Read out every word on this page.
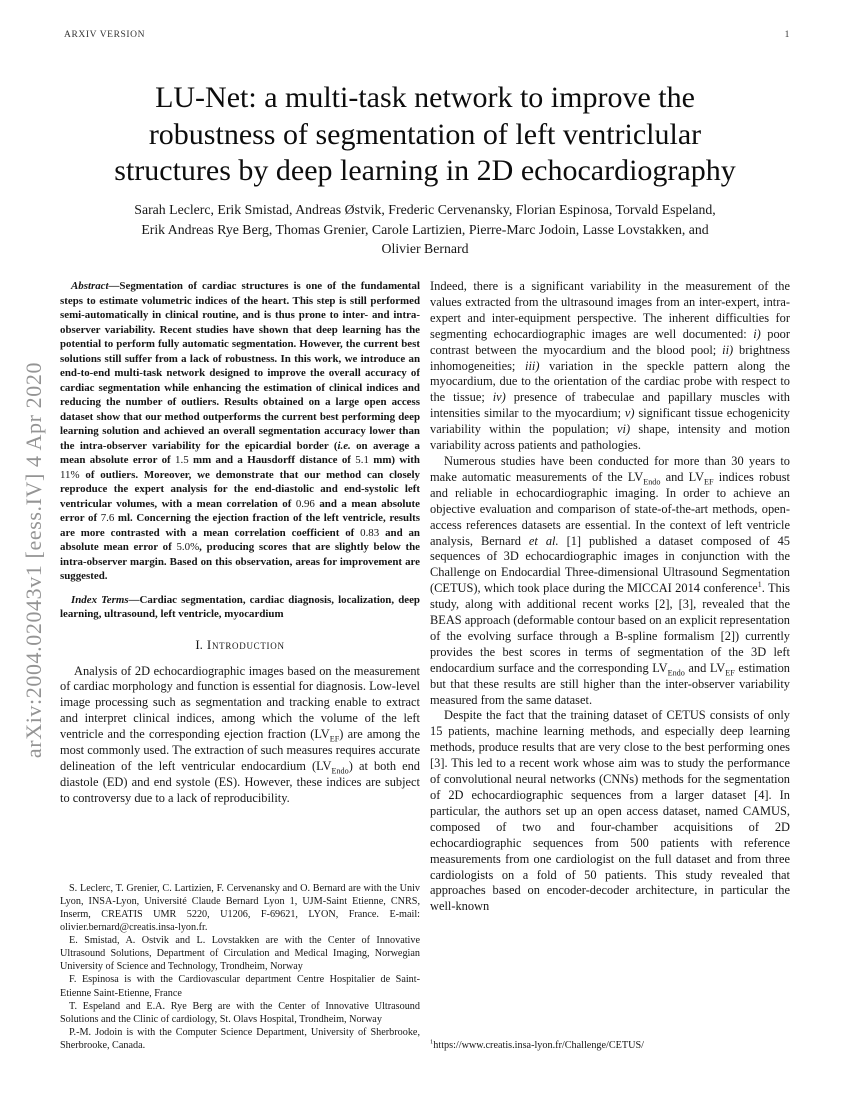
ARXIV VERSION	1
arXiv:2004.02043v1 [eess.IV] 4 Apr 2020
LU-Net: a multi-task network to improve the
robustness of segmentation of left ventriclular
structures by deep learning in 2D echocardiography
Sarah Leclerc, Erik Smistad, Andreas Østvik, Frederic Cervenansky, Florian Espinosa, Torvald Espeland,
Erik Andreas Rye Berg, Thomas Grenier, Carole Lartizien, Pierre-Marc Jodoin, Lasse Lovstakken, and
Olivier Bernard

Abstract—Segmentation of cardiac structures is one of the fundamental steps to estimate volumetric indices of the heart. This step is still performed semi-automatically in clinical routine, and is thus prone to inter- and intra-observer variability. Recent studies have shown that deep learning has the potential to perform fully automatic segmentation. However, the current best solutions still suffer from a lack of robustness. In this work, we introduce an end-to-end multi-task network designed to improve the overall accuracy of cardiac segmentation while enhancing the estimation of clinical indices and reducing the number of outliers. Results obtained on a large open access dataset show that our method outperforms the current best performing deep learning solution and achieved an overall segmentation accuracy lower than the intra-observer variability for the epicardial border (i.e. on average a mean absolute error of 1.5 mm and a Hausdorff distance of 5.1 mm) with 11% of outliers. Moreover, we demonstrate that our method can closely reproduce the expert analysis for the end-diastolic and end-systolic left ventricular volumes, with a mean correlation of 0.96 and a mean absolute error of 7.6 ml. Concerning the ejection fraction of the left ventricle, results are more contrasted with a mean correlation coefficient of 0.83 and an absolute mean error of 5.0%, producing scores that are slightly below the intra-observer margin. Based on this observation, areas for improvement are suggested.

Index Terms—Cardiac segmentation, cardiac diagnosis, localization, deep learning, ultrasound, left ventricle, myocardium

I. Introduction

Analysis of 2D echocardiographic images based on the measurement of cardiac morphology and function is essential for diagnosis. Low-level image processing such as segmentation and tracking enable to extract and interpret clinical indices, among which the volume of the left ventricle and the corresponding ejection fraction $(LV_{EF})$ are among the most commonly used. The extraction of such measures requires accurate delineation of the left ventricular endocardium $(LV_{Endo})$ at both end diastole (ED) and end systole (ES). However, these indices are subject to controversy due to a lack of reproducibility.

S. Leclerc, T. Grenier, C. Lartizien, F. Cervenansky and O. Bernard are with the Univ Lyon, INSA-Lyon, Université Claude Bernard Lyon 1, UJM-Saint Etienne, CNRS, Inserm, CREATIS UMR 5220, U1206, F-69621, LYON, France. E-mail: olivier.bernard@creatis.insa-lyon.fr.

E. Smistad, A. Ostvik and L. Lovstakken are with the Center of Innovative Ultrasound Solutions, Department of Circulation and Medical Imaging, Norwegian University of Science and Technology, Trondheim, Norway

F. Espinosa is with the Cardiovascular department Centre Hospitalier de Saint-Etienne Saint-Etienne, France

T. Espeland and E.A. Rye Berg are with the Center of Innovative Ultrasound Solutions and the Clinic of cardiology, St. Olavs Hospital, Trondheim, Norway

P.-M. Jodoin is with the Computer Science Department, University of Sherbrooke, Sherbrooke, Canada.

Indeed, there is a significant variability in the measurement of the values extracted from the ultrasound images from an inter-expert, intra-expert and inter-equipment perspective. The inherent difficulties for segmenting echocardiographic images are well documented: i) poor contrast between the myocardium and the blood pool; ii) brightness inhomogeneities; iii) variation in the speckle pattern along the myocardium, due to the orientation of the cardiac probe with respect to the tissue; iv) presence of trabeculae and papillary muscles with intensities similar to the myocardium; v) significant tissue echogenicity variability within the population; vi) shape, intensity and motion variability across patients and pathologies.

Numerous studies have been conducted for more than 30 years to make automatic measurements of the $LV_{Endo}$ and $LV_{EF}$ indices robust and reliable in echocardiographic imaging. In order to achieve an objective evaluation and comparison of state-of-the-art methods, open-access references datasets are essential. In the context of left ventricle analysis, Bernard et al. [1] published a dataset composed of 45 sequences of 3D echocardiographic images in conjunction with the Challenge on Endocardial Three-dimensional Ultrasound Segmentation (CETUS), which took place during the MICCAI 2014 conference$^1$. This study, along with additional recent works [2], [3], revealed that the BEAS approach (deformable contour based on an explicit representation of the evolving surface through a B-spline formalism [2]) currently provides the best scores in terms of segmentation of the 3D left endocardium surface and the corresponding $LV_{Endo}$ and $LV_{EF}$ estimation but that these results are still higher than the inter-observer variability measured from the same dataset.

Despite the fact that the training dataset of CETUS consists of only 15 patients, machine learning methods, and especially deep learning methods, produce results that are very close to the best performing ones [3]. This led to a recent work whose aim was to study the performance of convolutional neural networks (CNNs) methods for the segmentation of 2D echocardiographic sequences from a larger dataset [4]. In particular, the authors set up an open access dataset, named CAMUS, composed of two and four-chamber acquisitions of 2D echocardiographic sequences from 500 patients with reference measurements from one cardiologist on the full dataset and from three cardiologists on a fold of 50 patients. This study revealed that approaches based on encoder-decoder architecture, in particular the well-known

$^1$https://www.creatis.insa-lyon.fr/Challenge/CETUS/
